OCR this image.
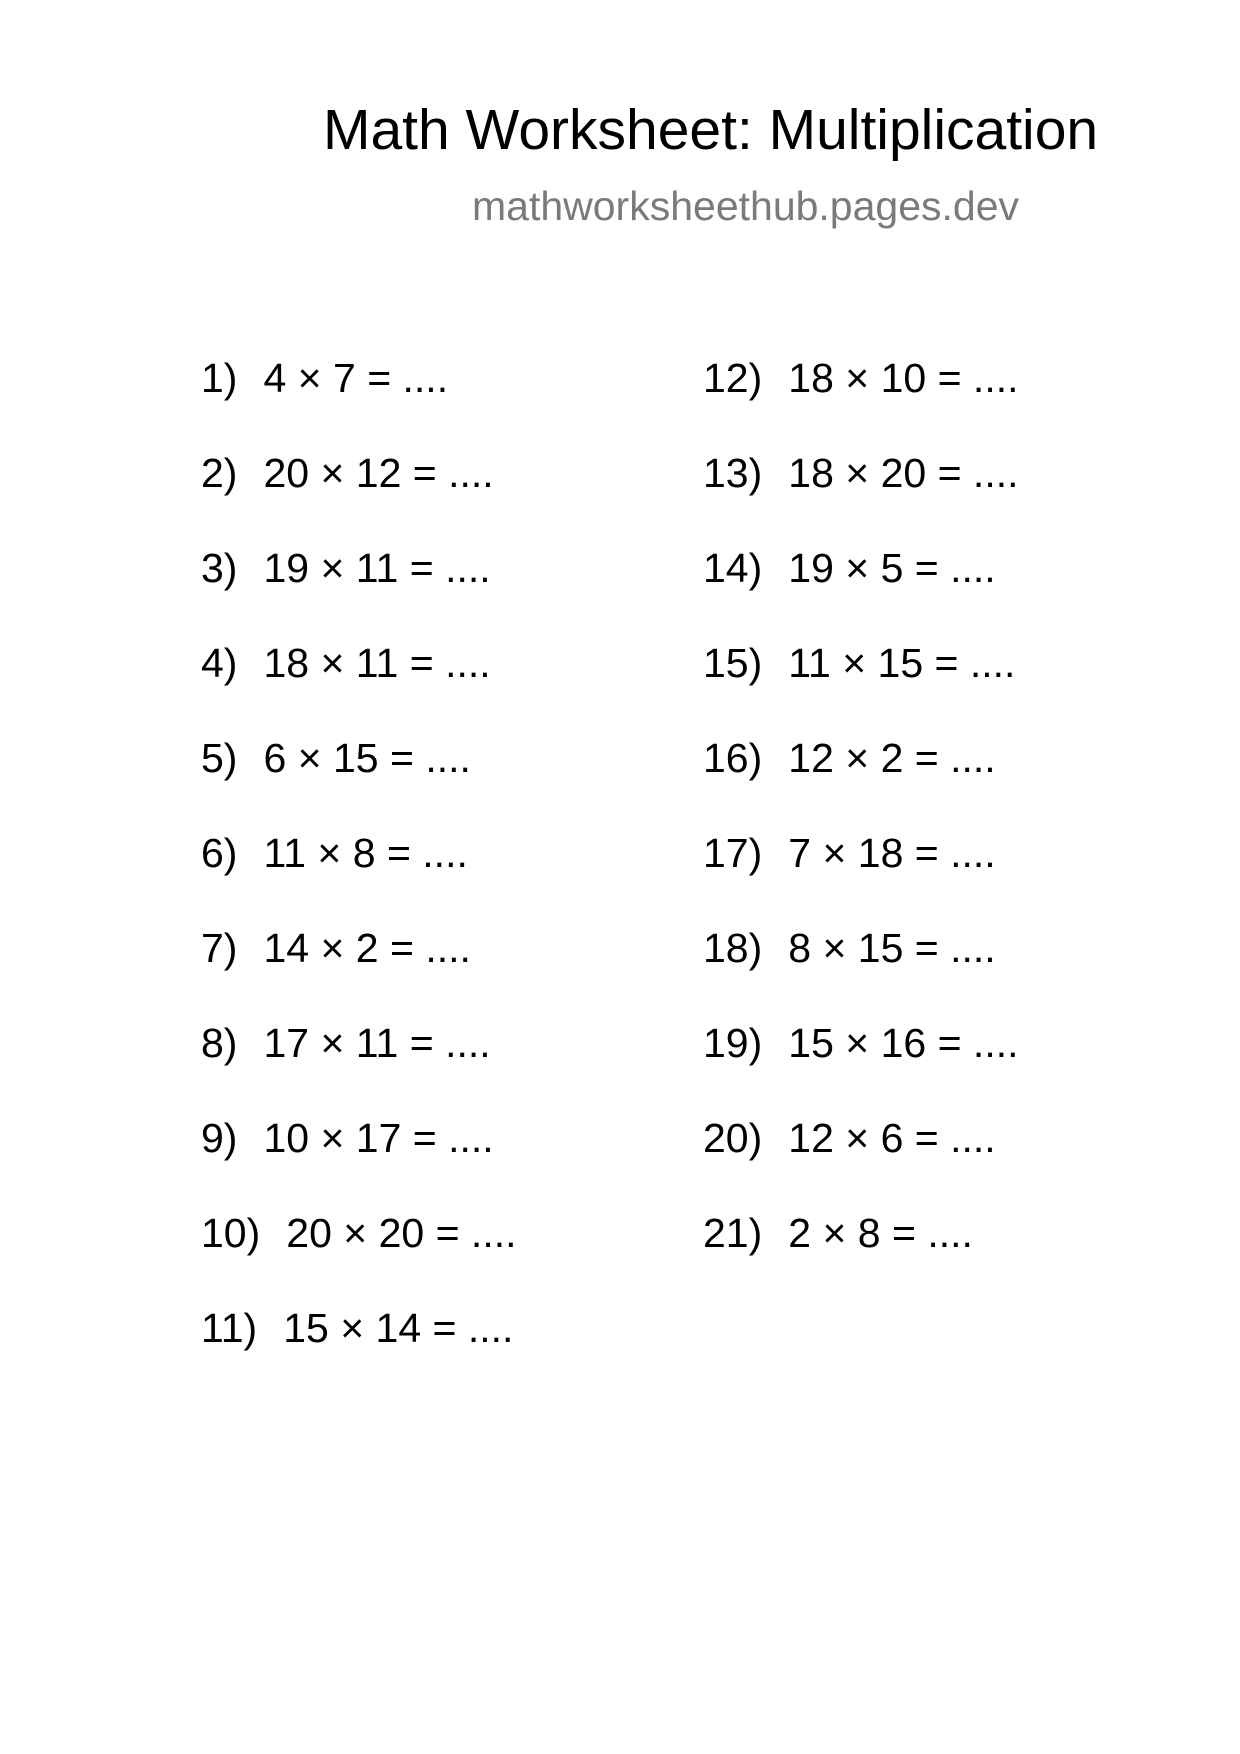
Math Worksheet: Multiplication
mathworksheethub.pages.dev
1) 4 × 7 = ....
2) 20 × 12 = ....
3) 19 × 11 = ....
4) 18 × 11 = ....
5) 6 × 15 = ....
6) 11 × 8 = ....
7) 14 × 2 = ....
8) 17 × 11 = ....
9) 10 × 17 = ....
10) 20 × 20 = ....
11) 15 × 14 = ....
12) 18 × 10 = ....
13) 18 × 20 = ....
14) 19 × 5 = ....
15) 11 × 15 = ....
16) 12 × 2 = ....
17) 7 × 18 = ....
18) 8 × 15 = ....
19) 15 × 16 = ....
20) 12 × 6 = ....
21) 2 × 8 = ....
